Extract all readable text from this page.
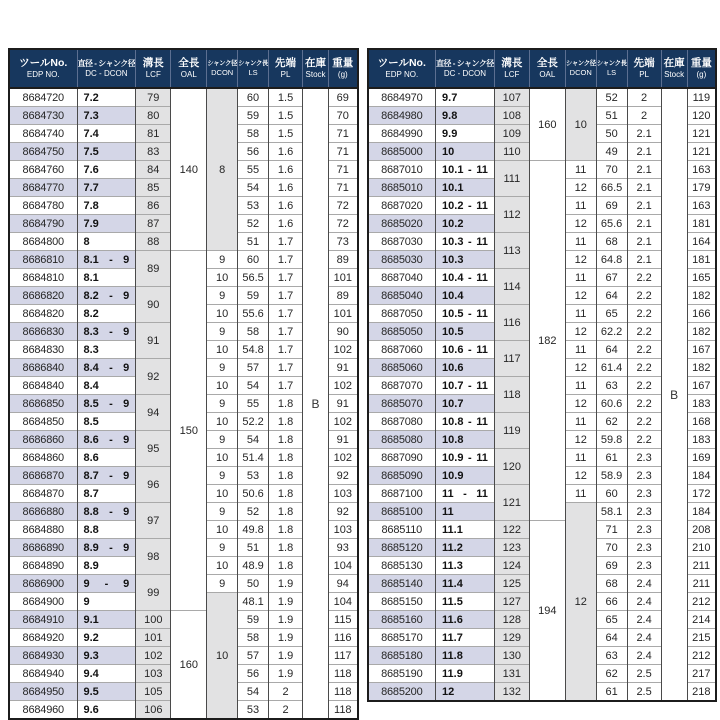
ツールNo.
EDP NO.

直径 - シャンク径
DC - DCON

溝長
LCF

全長
OAL

シャンク径
DCON

シャンク長
LS

先端
PL

在庫
Stock

重量
(g)

8684720	7.2	79	140	8	60	1.5	B	69
8684730	7.3	80			59	1.5		70
8684740	7.4	81			58	1.5		71
8684750	7.5	83			56	1.6		71
8684760	7.6	84			55	1.6		71
8684770	7.7	85			54	1.6		71
8684780	7.8	86			53	1.6		72
8684790	7.9	87			52	1.6		72
8684800	8	88			51	1.7		73
8686810	8.1 - 9	89	150	9	60	1.7		89
8684810	8.1			10	56.5	1.7		101
8686820	8.2 - 9	90		9	59	1.7		89
8684820	8.2			10	55.6	1.7		101
8686830	8.3 - 9	91		9	58	1.7		90
8684830	8.3			10	54.8	1.7		102
8686840	8.4 - 9	92		9	57	1.7		91
8684840	8.4			10	54	1.7		102
8686850	8.5 - 9	94		9	55	1.8		91
8684850	8.5			10	52.2	1.8		102
8686860	8.6 - 9	95		9	54	1.8		91
8684860	8.6			10	51.4	1.8		102
8686870	8.7 - 9	96		9	53	1.8		92
8684870	8.7			10	50.6	1.8		103
8686880	8.8 - 9	97		9	52	1.8		92
8684880	8.8			10	49.8	1.8		103
8686890	8.9 - 9	98		9	51	1.8		93
8684890	8.9			10	48.9	1.8		104
8686900	9 - 9	99		9	50	1.9		94
8684900	9			10	48.1	1.9		104
8684910	9.1	100	160		59	1.9		115
8684920	9.2	101			58	1.9		116
8684930	9.3	102			57	1.9		117
8684940	9.4	103			56	1.9		118
8684950	9.5	105			54	2		118
8684960	9.6	106			53	2		118
ツールNo.
EDP NO.

直径 - シャンク径
DC - DCON

溝長
LCF

全長
OAL

シャンク径
DCON

シャンク長
LS

先端
PL

在庫
Stock

重量
(g)

8684970	9.7	107	160	10	52	2	B	119
8684980	9.8	108			51	2		120
8684990	9.9	109			50	2.1		121
8685000	10	110			49	2.1		121
8687010	10.1 - 11	111	182	11	70	2.1		163
8685010	10.1			12	66.5	2.1		179
8687020	10.2 - 11	112		11	69	2.1		163
8685020	10.2			12	65.6	2.1		181
8687030	10.3 - 11	113		11	68	2.1		164
8685030	10.3			12	64.8	2.1		181
8687040	10.4 - 11	114		11	67	2.2		165
8685040	10.4			12	64	2.2		182
8687050	10.5 - 11	116		11	65	2.2		166
8685050	10.5			12	62.2	2.2		182
8687060	10.6 - 11	117		11	64	2.2		167
8685060	10.6			12	61.4	2.2		182
8687070	10.7 - 11	118		11	63	2.2		167
8685070	10.7			12	60.6	2.2		183
8687080	10.8 - 11	119		11	62	2.2		168
8685080	10.8			12	59.8	2.2		183
8687090	10.9 - 11	120		11	61	2.3		169
8685090	10.9			12	58.9	2.3		184
8687100	11 - 11	121		11	60	2.3		172
8685100	11			12	58.1	2.3		184
8685110	11.1	122	194		71	2.3		208
8685120	11.2	123			70	2.3		210
8685130	11.3	124			69	2.3		211
8685140	11.4	125			68	2.4		211
8685150	11.5	127			66	2.4		212
8685160	11.6	128			65	2.4		214
8685170	11.7	129			64	2.4		215
8685180	11.8	130			63	2.4		212
8685190	11.9	131			62	2.5		217
8685200	12	132			61	2.5		218
